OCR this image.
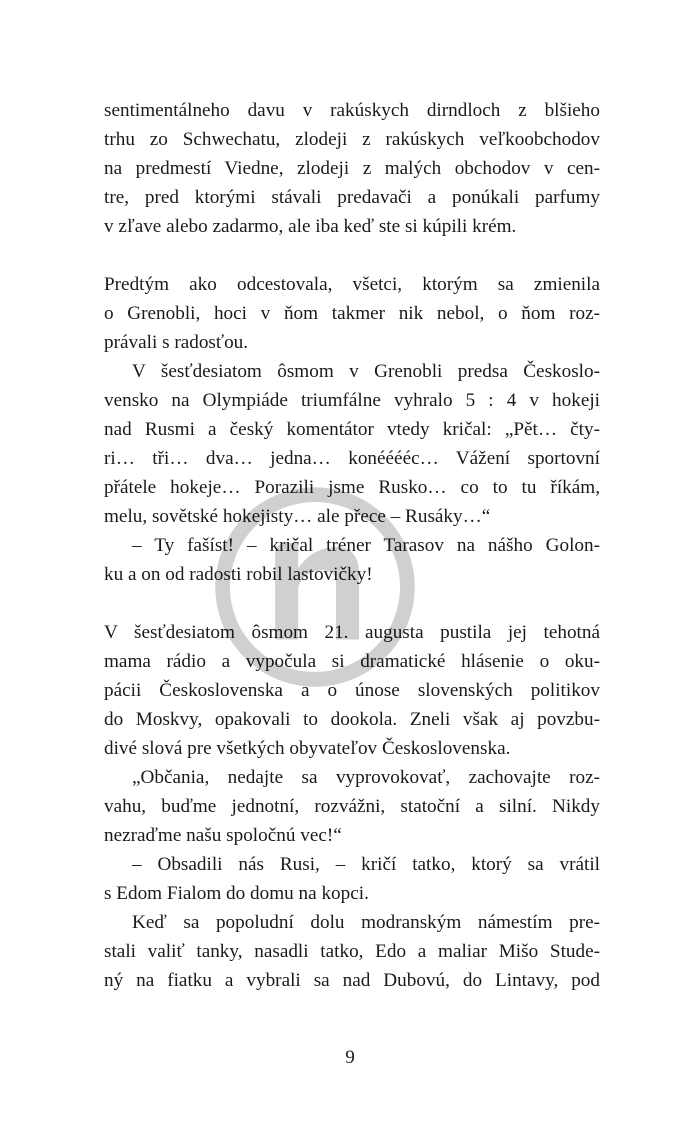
sentimentálneho davu v rakúskych dirndloch z blšieho
trhu zo Schwechatu, zlodeji z rakúskych veľkoobchodov
na predmestí Viedne, zlodeji z malých obchodov v cen-
tre, pred ktorými stávali predavači a ponúkali parfumy
v zľave alebo zadarmo, ale iba keď ste si kúpili krém.
Predtým ako odcestovala, všetci, ktorým sa zmienila
o Grenobli, hoci v ňom takmer nik nebol, o ňom roz-
právali s radosťou.
V šesťdesiatom ôsmom v Grenobli predsa Českoslo-
vensko na Olympiáde triumfálne vyhralo 5 : 4 v hokeji
nad Rusmi a český komentátor vtedy kričal: „Pět… čty-
ri… tři… dva… jedna… konééééc… Vážení sportovní
přátele hokeje… Porazili jsme Rusko… co to tu říkám,
melu, sovětské hokejisty… ale přece – Rusáky…“
– Ty fašíst! – kričal tréner Tarasov na nášho Golon-
ku a on od radosti robil lastovičky!
V šesťdesiatom ôsmom 21. augusta pustila jej tehotná
mama rádio a vypočula si dramatické hlásenie o oku-
pácii Československa a o únose slovenských politikov
do Moskvy, opakovali to dookola. Zneli však aj povzbu-
divé slová pre všetkých obyvateľov Československa.
„Občania, nedajte sa vyprovokovať, zachovajte roz-
vahu, buďme jednotní, rozvážni, statoční a silní. Nikdy
nezraďme našu spoločnú vec!“
– Obsadili nás Rusi, – kričí tatko, ktorý sa vrátil
s Edom Fialom do domu na kopci.
Keď sa popoludní dolu modranským námestím pre-
stali valiť tanky, nasadli tatko, Edo a maliar Mišo Stude-
ný na fiatku a vybrali sa nad Dubovú, do Lintavy, pod
9
